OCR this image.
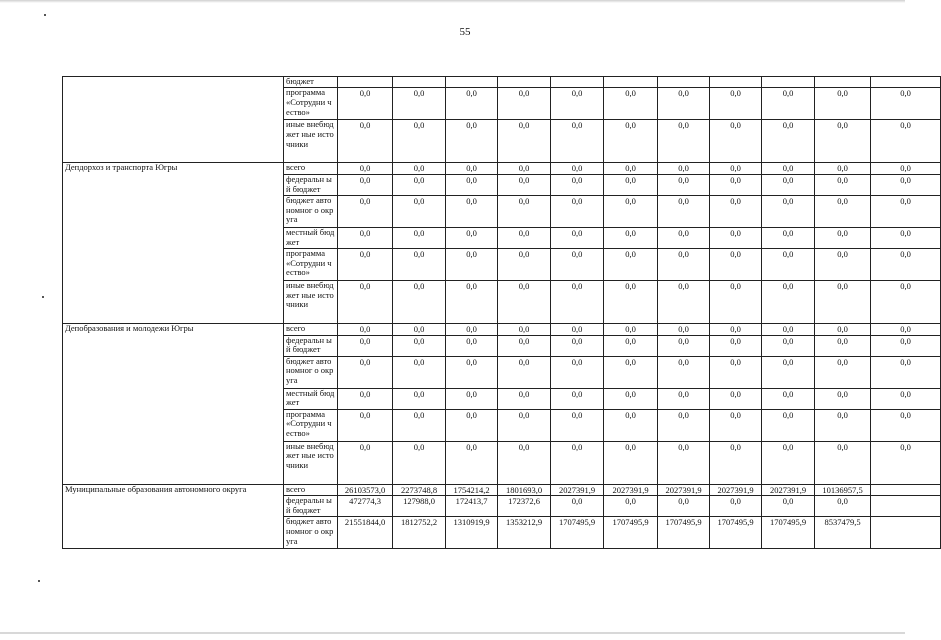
55
	бюджет											
	программа «Сотрудни чество»	0,0	0,0	0,0	0,0	0,0	0,0	0,0	0,0	0,0	0,0	0,0
	иные внебюджет ные источники	0,0	0,0	0,0	0,0	0,0	0,0	0,0	0,0	0,0	0,0	0,0
Депдорхоз и транспорта Югры	всего	0,0	0,0	0,0	0,0	0,0	0,0	0,0	0,0	0,0	0,0	0,0
	федеральн ый бюджет	0,0	0,0	0,0	0,0	0,0	0,0	0,0	0,0	0,0	0,0	0,0
	бюджет автономног о округа	0,0	0,0	0,0	0,0	0,0	0,0	0,0	0,0	0,0	0,0	0,0
	местный бюджет	0,0	0,0	0,0	0,0	0,0	0,0	0,0	0,0	0,0	0,0	0,0
	программа «Сотрудни чество»	0,0	0,0	0,0	0,0	0,0	0,0	0,0	0,0	0,0	0,0	0,0
	иные внебюджет ные источники	0,0	0,0	0,0	0,0	0,0	0,0	0,0	0,0	0,0	0,0	0,0
Депобразования и молодежи Югры	всего	0,0	0,0	0,0	0,0	0,0	0,0	0,0	0,0	0,0	0,0	0,0
	федеральн ый бюджет	0,0	0,0	0,0	0,0	0,0	0,0	0,0	0,0	0,0	0,0	0,0
	бюджет автономног о округа	0,0	0,0	0,0	0,0	0,0	0,0	0,0	0,0	0,0	0,0	0,0
	местный бюджет	0,0	0,0	0,0	0,0	0,0	0,0	0,0	0,0	0,0	0,0	0,0
	программа «Сотрудни чество»	0,0	0,0	0,0	0,0	0,0	0,0	0,0	0,0	0,0	0,0	0,0
	иные внебюджет ные источники	0,0	0,0	0,0	0,0	0,0	0,0	0,0	0,0	0,0	0,0	0,0
Муниципальные образования автономного округа	всего	26103573,0	2273748,8	1754214,2	1801693,0	2027391,9	2027391,9	2027391,9	2027391,9	2027391,9	10136957,5	
	федеральн ый бюджет	472774,3	127988,0	172413,7	172372,6	0,0	0,0	0,0	0,0	0,0	0,0	
	бюджет автономног о округа	21551844,0	1812752,2	1310919,9	1353212,9	1707495,9	1707495,9	1707495,9	1707495,9	1707495,9	8537479,5	
